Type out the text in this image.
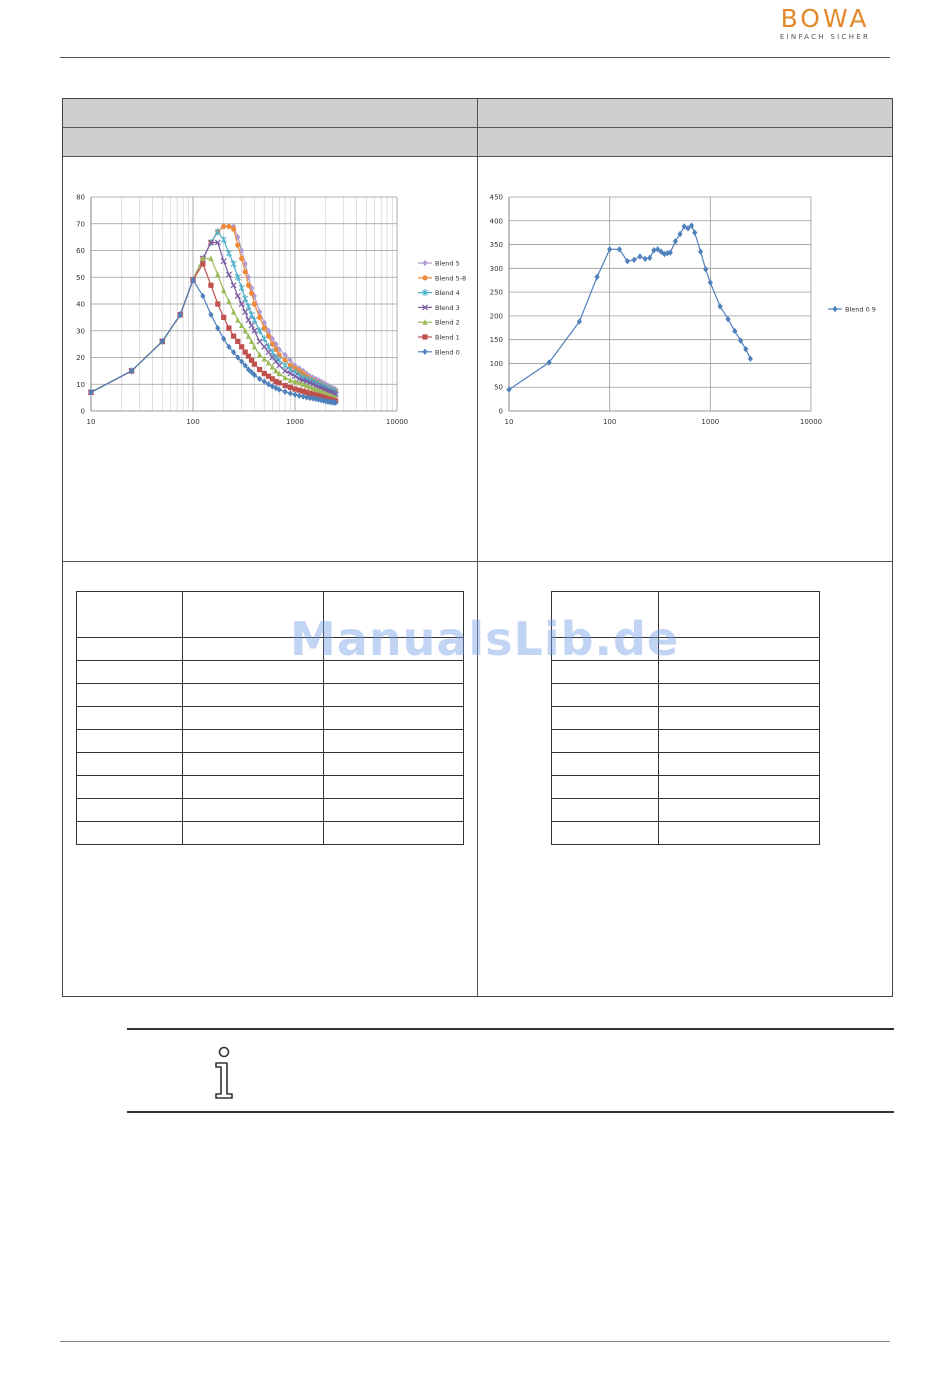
BOWA
EINFACH SICHER
0
10
20
30
40
50
60
70
80
10	100	1000	10000
Blend 5
Blend 5-8
Blend 4
Blend 3
Blend 2
Blend 1
Blend 0
0
50
100
150
200
250
300
350
400
450
10	100	1000	10000
Blend 0 9

ManualsLib.de
